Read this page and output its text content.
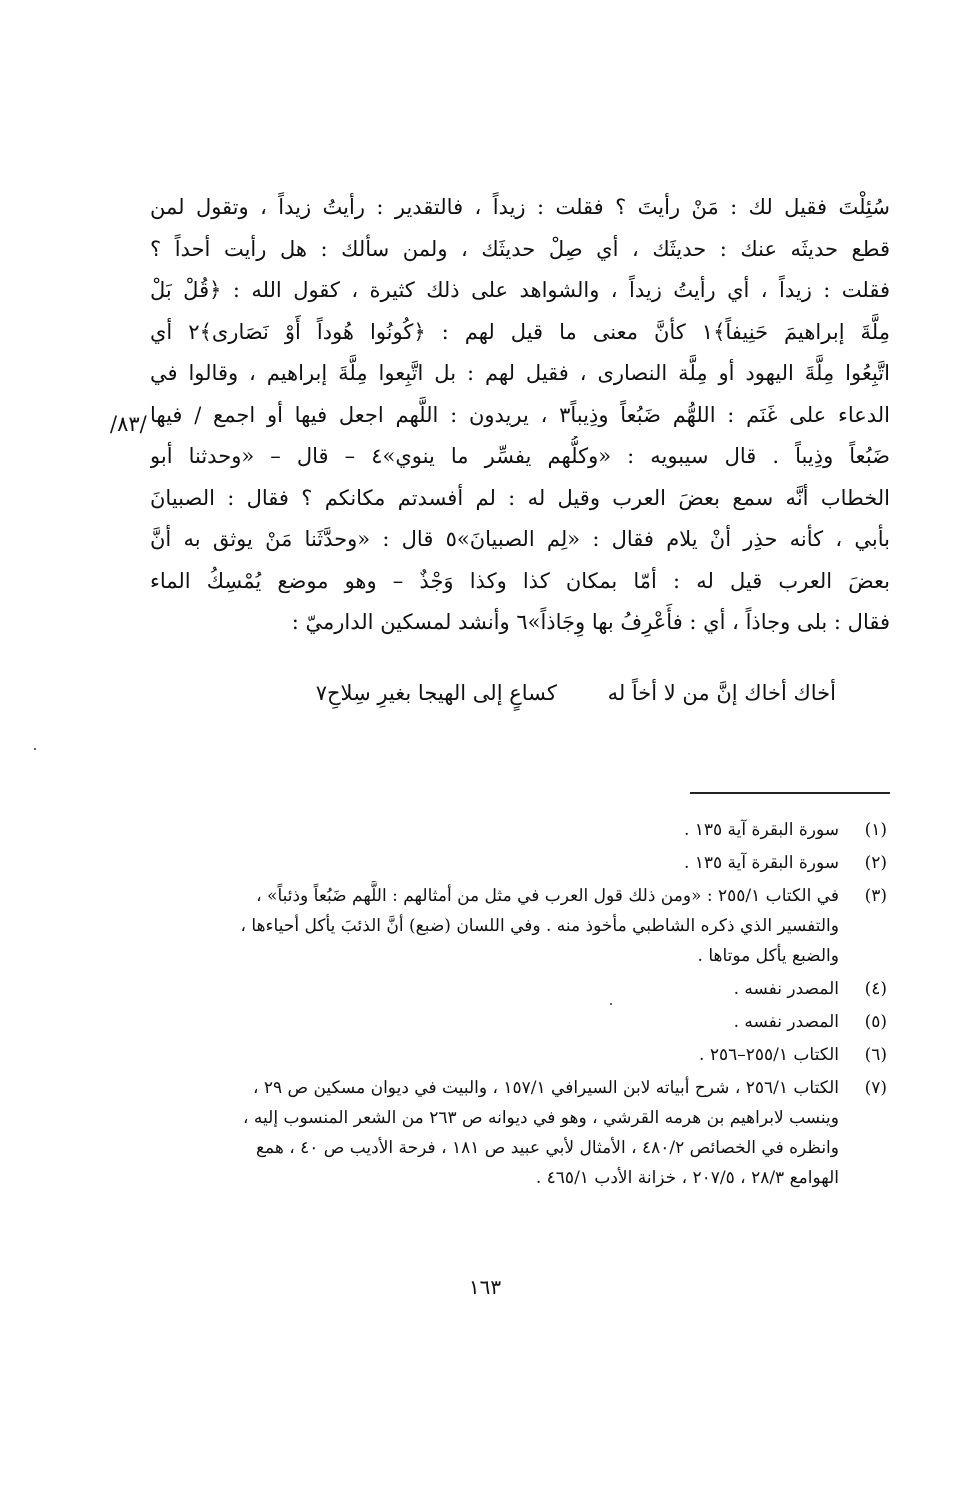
سُئِلْتَ فقيل لك : مَنْ رأيتَ ؟ فقلت : زيداً ، فالتقدير : رأيتُ زيداً ، وتقول لمن
قطع حديثَه عنك : حديثَك ، أي صِلْ حديثَك ، ولمن سألك : هل رأيت أحداً ؟
فقلت : زيداً ، أي رأيتُ زيداً ، والشواهد على ذلك كثيرة ، كقول الله : ﴿قُلْ بَلْ
مِلَّةَ إبراهيمَ حَنِيفاً﴾١ كأنَّ معنى ما قيل لهم : ﴿كُونُوا هُوداً أَوْ نَصَارى﴾٢ أي
اتَّبِعُوا مِلَّةَ اليهود أو مِلَّة النصارى ، فقيل لهم : بل اتَّبِعوا مِلَّةَ إبراهيم ، وقالوا في
الدعاء على غَنَم : اللهُّم ضَبُعاً وذِيباً٣ ، يريدون : اللَّهم اجعل فيها أو اجمع / فيها
ضَبُعاً وذِيباً . قال سيبويه : «وكلُّهم يفسِّر ما ينوي»٤ – قال – «وحدثنا أبو
الخطاب أنَّه سمع بعضَ العرب وقيل له : لم أفسدتم مكانكم ؟ فقال : الصبيانَ
بأبي ، كأنه حذِر أنْ يلام فقال : «لِم الصبيانَ»٥ قال : «وحدَّثَنا مَنْ يوثق به أنَّ
بعضَ العرب قيل له : أمّا بمكان كذا وكذا وَجْذٌ – وهو موضع يُمْسِكُ الماء
فقال : بلى وجاذاً ، أي : فأَعْرِفُ بها وِجَاذاً»٦ وأنشد لمسكين الدارميّ :
/٨٣/
أخاك أخاك إنَّ من لا أخاً له كساعٍ إلى الهيجا بغيرِ سِلاحِ٧
(١)
سورة البقرة آية ١٣٥ .
(٢)
سورة البقرة آية ١٣٥ .
(٣)
في الكتاب ٢٥٥/١ : «ومن ذلك قول العرب في مثل من أمثالهم : اللَّهم ضَبُعاً وذئباً» ،
والتفسير الذي ذكره الشاطبي مأخوذ منه . وفي اللسان (ضبع) أنَّ الذئبَ يأكل أحياءها ،
والضبع يأكل موتاها .
(٤)
المصدر نفسه .
(٥)
المصدر نفسه .
(٦)
الكتاب ٢٥٥/١–٢٥٦ .
(٧)
الكتاب ٢٥٦/١ ، شرح أبياته لابن السيرافي ١٥٧/١ ، والبيت في ديوان مسكين ص ٢٩ ،
وينسب لابراهيم بن هرمه القرشي ، وهو في ديوانه ص ٢٦٣ من الشعر المنسوب إليه ،
وانظره في الخصائص ٤٨٠/٢ ، الأمثال لأبي عبيد ص ١٨١ ، فرحة الأديب ص ٤٠ ، همع
الهوامع ٢٨/٣ ، ٢٠٧/٥ ، خزانة الأدب ٤٦٥/١ .
١٦٣
